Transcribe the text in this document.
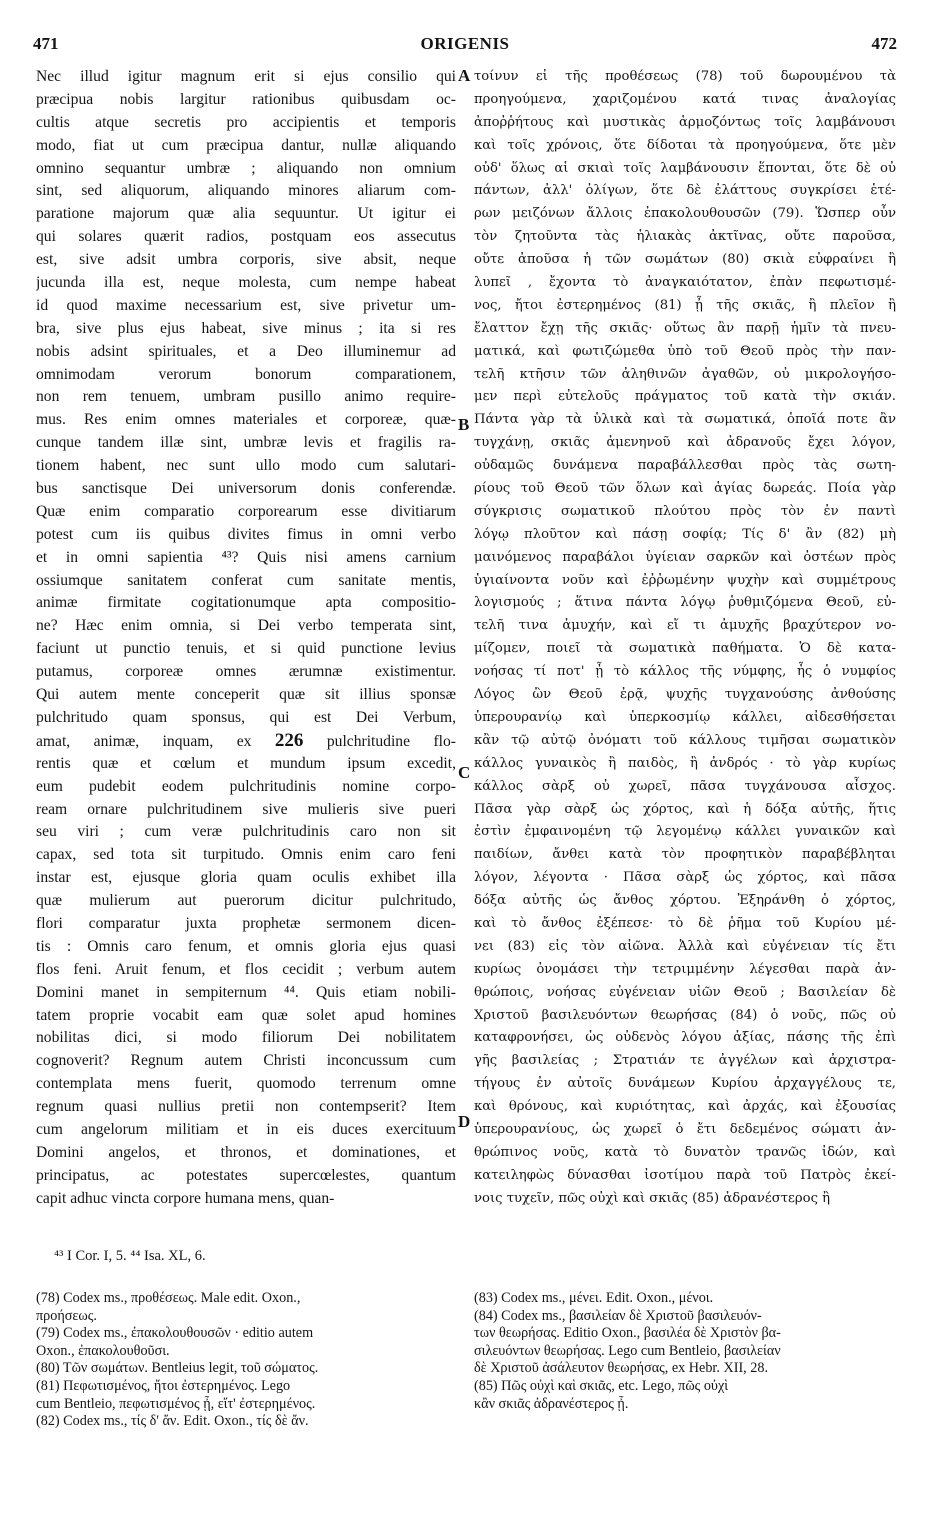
471	ORIGENIS	472
Nec illud igitur magnum erit si ejus consilio qui
præcipua nobis largitur rationibus quibusdam oc-
cultis atque secretis pro accipientis et temporis
modo, fiat ut cum præcipua dantur, nullæ aliquando
omnino sequantur umbræ ; aliquando non omnium
sint, sed aliquorum, aliquando minores aliarum com-
paratione majorum quæ alia sequuntur. Ut igitur ei
qui solares quærit radios, postquam eos assecutus
est, sive adsit umbra corporis, sive absit, neque
jucunda illa est, neque molesta, cum nempe habeat
id quod maxime necessarium est, sive privetur um-
bra, sive plus ejus habeat, sive minus ; ita si res
nobis adsint spirituales, et a Deo illuminemur ad
omnimodam verorum bonorum comparationem,
non rem tenuem, umbram pusillo animo require-
mus. Res enim omnes materiales et corporeæ, quæ-
cunque tandem illæ sint, umbræ levis et fragilis ra-
tionem habent, nec sunt ullo modo cum salutari-
bus sanctisque Dei universorum donis conferendæ.
Quæ enim comparatio corporearum esse divitiarum
potest cum iis quibus divites fimus in omni verbo
et in omni sapientia ⁴³? Quis nisi amens carnium
ossiumque sanitatem conferat cum sanitate mentis,
animæ firmitate cogitationumque apta compositio-
ne? Hæc enim omnia, si Dei verbo temperata sint,
faciunt ut punctio tenuis, et si quid punctione levius
putamus, corporeæ omnes ærumnæ existimentur.
Qui autem mente conceperit quæ sit illius sponsæ
pulchritudo quam sponsus, qui est Dei Verbum,
amat, animæ, inquam, ex 226 pulchritudine flo-
rentis quæ et cœlum et mundum ipsum excedit,
eum pudebit eodem pulchritudinis nomine corpo-
ream ornare pulchritudinem sive mulieris sive pueri
seu viri ; cum veræ pulchritudinis caro non sit
capax, sed tota sit turpitudo. Omnis enim caro feni
instar est, ejusque gloria quam oculis exhibet illa
quæ mulierum aut puerorum dicitur pulchritudo,
flori comparatur juxta prophetæ sermonem dicen-
tis : Omnis caro fenum, et omnis gloria ejus quasi
flos feni. Aruit fenum, et flos cecidit ; verbum autem
Domini manet in sempiternum ⁴⁴. Quis etiam nobili-
tatem proprie vocabit eam quæ solet apud homines
nobilitas dici, si modo filiorum Dei nobilitatem
cognoverit? Regnum autem Christi inconcussum cum
contemplata mens fuerit, quomodo terrenum omne
regnum quasi nullius pretii non contempserit? Item
cum angelorum militiam et in eis duces exercituum
Domini angelos, et thronos, et dominationes, et
principatus, ac potestates supercœlestes, quantum
capit adhuc vincta corpore humana mens, quan-
τοίνυν εἰ τῆς προθέσεως (78) τοῦ δωρουμένου τὰ
προηγούμενα, χαριζομένου κατά τινας ἀναλογίας
ἀποῤῥήτους καὶ μυστικὰς ἁρμοζόντως τοῖς λαμβάνουσι
καὶ τοῖς χρόνοις, ὅτε δίδοται τὰ προηγούμενα, ὅτε μὲν
οὐδ' ὅλως αἱ σκιαὶ τοῖς λαμβάνουσιν ἕπονται, ὅτε δὲ οὐ
πάντων, ἀλλ' ὀλίγων, ὅτε δὲ ἐλάττους συγκρίσει ἑτέ-
ρων μειζόνων ἄλλοις ἐπακολουθουσῶν (79). Ὥσπερ οὖν
τὸν ζητοῦντα τὰς ἡλιακὰς ἀκτῖνας, οὔτε παροῦσα,
οὔτε ἀποῦσα ἡ τῶν σωμάτων (80) σκιὰ εὐφραίνει ἢ
λυπεῖ , ἔχοντα τὸ ἀναγκαιότατον, ἐπὰν πεφωτισμέ-
νος, ἤτοι ἐστερημένος (81) ᾖ τῆς σκιᾶς, ἢ πλεῖον ἢ
ἔλαττον ἔχῃ τῆς σκιᾶς· οὕτως ἂν παρῇ ἡμῖν τὰ πνευ-
ματικά, καὶ φωτιζώμεθα ὑπὸ τοῦ Θεοῦ πρὸς τὴν παν-
τελῆ κτῆσιν τῶν ἀληθινῶν ἀγαθῶν, οὐ μικρολογήσο-
μεν περὶ εὐτελοῦς πράγματος τοῦ κατὰ τὴν σκιάν.
Πάντα γὰρ τὰ ὑλικὰ καὶ τὰ σωματικά, ὁποῖά ποτε ἂν
τυγχάνῃ, σκιᾶς ἀμενηνοῦ καὶ ἀδρανοῦς ἔχει λόγον,
οὐδαμῶς δυνάμενα παραβάλλεσθαι πρὸς τὰς σωτη-
ρίους τοῦ Θεοῦ τῶν ὅλων καὶ ἁγίας δωρεάς. Ποία γὰρ
σύγκρισις σωματικοῦ πλούτου πρὸς τὸν ἐν παντὶ
λόγῳ πλοῦτον καὶ πάσῃ σοφίᾳ; Τίς δ' ἂν (82) μὴ
μαινόμενος παραβάλοι ὑγίειαν σαρκῶν καὶ ὀστέων πρὸς
ὑγιαίνοντα νοῦν καὶ ἐῤῥωμένην ψυχὴν καὶ συμμέτρους
λογισμούς ; ἅτινα πάντα λόγῳ ῥυθμιζόμενα Θεοῦ, εὐ-
τελῆ τινα ἀμυχήν, καὶ εἴ τι ἀμυχῆς βραχύτερον νο-
μίζομεν, ποιεῖ τὰ σωματικὰ παθήματα. Ὁ δὲ κατα-
νοήσας τί ποτ' ᾖ τὸ κάλλος τῆς νύμφης, ἧς ὁ νυμφίος
Λόγος ὢν Θεοῦ ἐρᾷ, ψυχῆς τυγχανούσης ἀνθούσης
ὑπερουρανίῳ καὶ ὑπερκοσμίῳ κάλλει, αἰδεσθήσεται
κἂν τῷ αὐτῷ ὀνόματι τοῦ κάλλους τιμῆσαι σωματικὸν
κάλλος γυναικὸς ἢ παιδὸς, ἢ ἀνδρός · τὸ γὰρ κυρίως
κάλλος σὰρξ οὐ χωρεῖ, πᾶσα τυγχάνουσα αἶσχος.
Πᾶσα γὰρ σὰρξ ὡς χόρτος, καὶ ἡ δόξα αὐτῆς, ἥτις
ἐστὶν ἐμφαινομένη τῷ λεγομένῳ κάλλει γυναικῶν καὶ
παιδίων, ἄνθει κατὰ τὸν προφητικὸν παραβέβληται
λόγον, λέγοντα · Πᾶσα σὰρξ ὡς χόρτος, καὶ πᾶσα
δόξα αὐτῆς ὡς ἄνθος χόρτου. Ἐξηράνθη ὁ χόρτος,
καὶ τὸ ἄνθος ἐξέπεσε· τὸ δὲ ῥῆμα τοῦ Κυρίου μέ-
νει (83) εἰς τὸν αἰῶνα. Ἀλλὰ καὶ εὐγένειαν τίς ἔτι
κυρίως ὀνομάσει τὴν τετριμμένην λέγεσθαι παρὰ ἀν-
θρώποις, νοήσας εὐγένειαν υἱῶν Θεοῦ ; Βασιλείαν δὲ
Χριστοῦ βασιλευόντων θεωρήσας (84) ὁ νοῦς, πῶς οὐ
καταφρονήσει, ὡς οὐδενὸς λόγου ἀξίας, πάσης τῆς ἐπὶ
γῆς βασιλείας ; Στρατιάν τε ἀγγέλων καὶ ἀρχιστρα-
τήγους ἐν αὐτοῖς δυνάμεων Κυρίου ἀρχαγγέλους τε,
καὶ θρόνους, καὶ κυριότητας, καὶ ἀρχάς, καὶ ἐξουσίας
ὑπερουρανίους, ὡς χωρεῖ ὁ ἔτι δεδεμένος σώματι ἀν-
θρώπινος νοῦς, κατὰ τὸ δυνατὸν τρανῶς ἰδών, καὶ
κατειληφὼς δύνασθαι ἰσοτίμου παρὰ τοῦ Πατρὸς ἐκεί-
νοις τυχεῖν, πῶς οὐχὶ καὶ σκιᾶς (85) ἀδρανέστερος ἢ
A
B
C
D
⁴³ I Cor. I, 5. ⁴⁴ Isa. XL, 6.
(78) Codex ms., προθέσεως. Male edit. Oxon.,
προήσεως.
(79) Codex ms., ἐπακολουθουσῶν · editio autem
Oxon., ἐπακολουθοῦσι.
(80) Τῶν σωμάτων. Bentleius legit, τοῦ σώματος.
(81) Πεφωτισμένος, ἤτοι ἐστερημένος. Lego
cum Bentleio, πεφωτισμένος ᾖ, εἴτ' ἐστερημένος.
(82) Codex ms., τίς δ' ἄν. Edit. Oxon., τίς δὲ ἄν.
(83) Codex ms., μένει. Edit. Oxon., μένοι.
(84) Codex ms., βασιλείαν δὲ Χριστοῦ βασιλευόν-
των θεωρήσας. Editio Oxon., βασιλέα δὲ Χριστὸν βα-
σιλευόντων θεωρήσας. Lego cum Bentleio, βασιλείαν
δὲ Χριστοῦ ἀσάλευτον θεωρήσας, ex Hebr. XII, 28.
(85) Πῶς οὐχὶ καὶ σκιᾶς, etc. Lego, πῶς οὐχὶ
κἂν σκιᾶς ἀδρανέστερος ᾖ.
